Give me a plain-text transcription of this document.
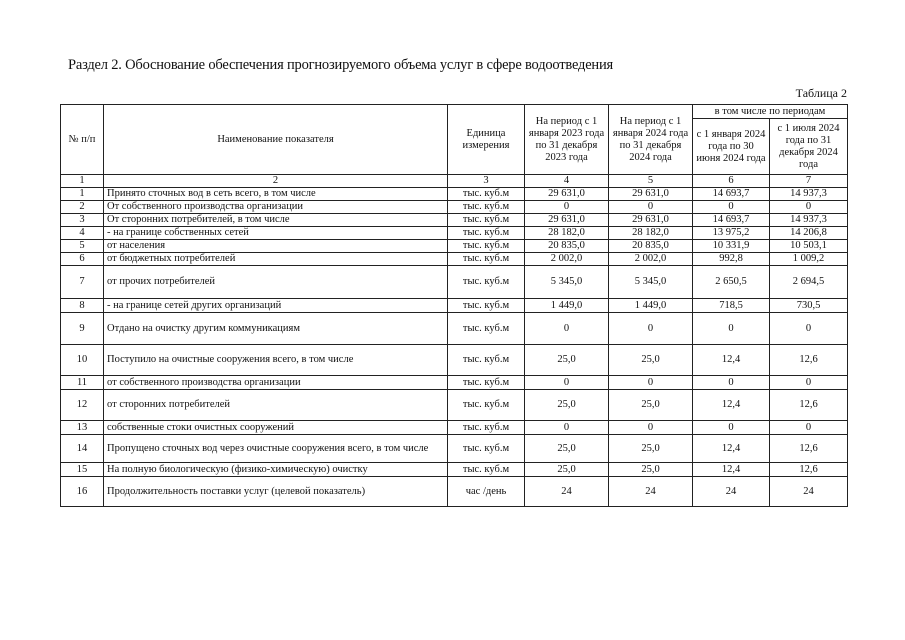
Раздел 2. Обоснование обеспечения прогнозируемого объема услуг в сфере водоотведения
Таблица 2
№ п/п	Наименование показателя	Единица измерения	На период с 1 января 2023 года по 31 декабря 2023 года	На период с 1 января 2024 года по 31 декабря 2024 года	в том числе по периодам	
					с 1 января 2024 года по 30 июня 2024 года	с 1 июля 2024 года по 31 декабря 2024 года
1	2	3	4	5	6	7
1	Принято сточных вод в сеть всего, в том числе	тыс. куб.м	29 631,0	29 631,0	14 693,7	14 937,3
2	От собственного производства организации	тыс. куб.м	0	0	0	0
3	От сторонних потребителей, в том числе	тыс. куб.м	29 631,0	29 631,0	14 693,7	14 937,3
4	- на границе собственных сетей	тыс. куб.м	28 182,0	28 182,0	13 975,2	14 206,8
5	от населения	тыс. куб.м	20 835,0	20 835,0	10 331,9	10 503,1
6	от бюджетных потребителей	тыс. куб.м	2 002,0	2 002,0	992,8	1 009,2
7	от прочих потребителей	тыс. куб.м	5 345,0	5 345,0	2 650,5	2 694,5
8	- на границе сетей других организаций	тыс. куб.м	1 449,0	1 449,0	718,5	730,5
9	Отдано на очистку другим коммуникациям	тыс. куб.м	0	0	0	0
10	Поступило на очистные сооружения всего, в том числе	тыс. куб.м	25,0	25,0	12,4	12,6
11	от собственного производства организации	тыс. куб.м	0	0	0	0
12	от сторонних потребителей	тыс. куб.м	25,0	25,0	12,4	12,6
13	собственные стоки очистных сооружений	тыс. куб.м	0	0	0	0
14	Пропущено сточных вод через очистные сооружения всего, в том числе	тыс. куб.м	25,0	25,0	12,4	12,6
15	На полную биологическую (физико-химическую) очистку	тыс. куб.м	25,0	25,0	12,4	12,6
16	Продолжительность поставки услуг (целевой показатель)	час /день	24	24	24	24
